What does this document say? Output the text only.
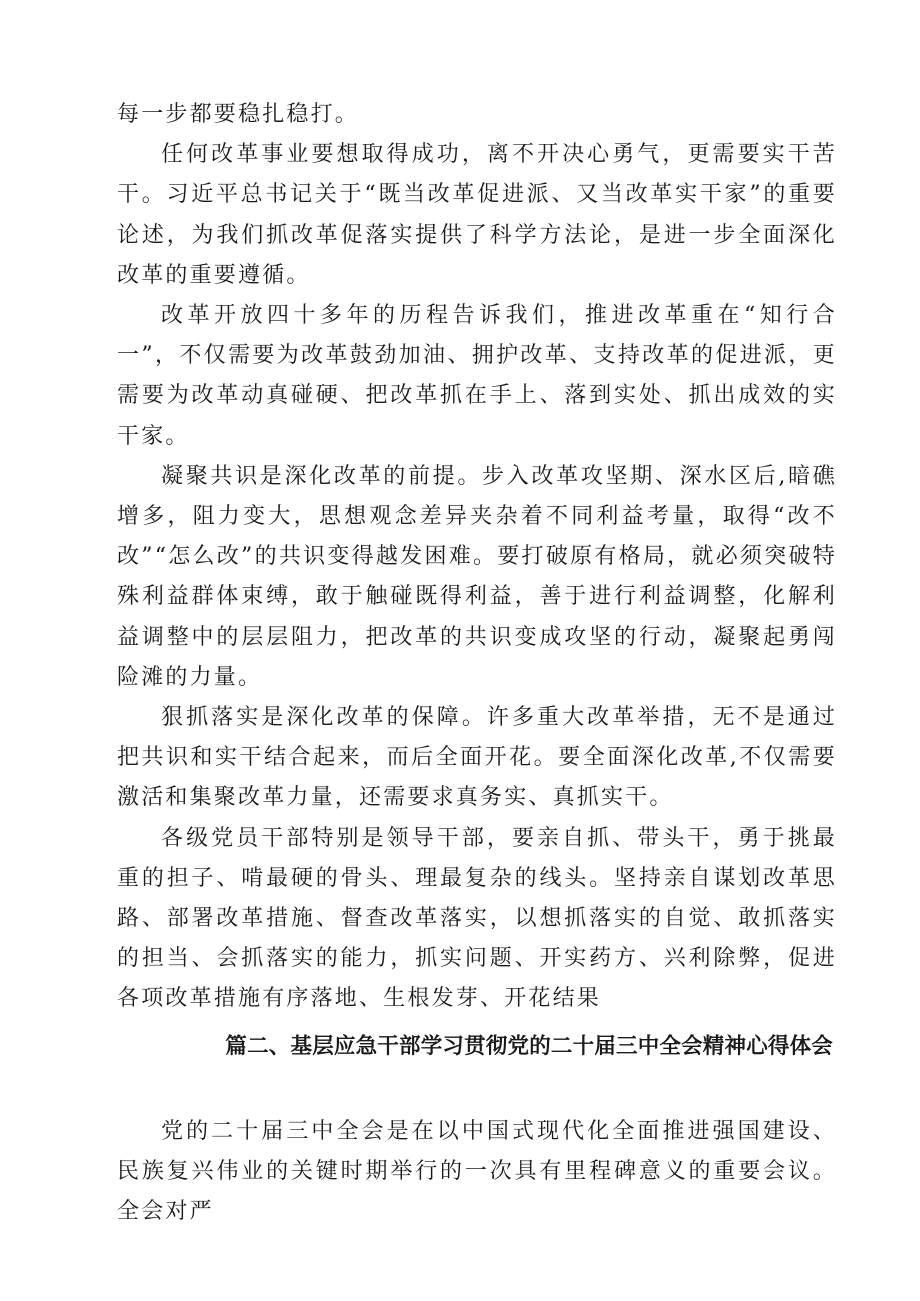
每一步都要稳扎稳打。

任何改革事业要想取得成功，离不开决心勇气，更需要实干苦干。习近平总书记关于“既当改革促进派、又当改革实干家”的重要论述，为我们抓改革促落实提供了科学方法论，是进一步全面深化改革的重要遵循。

改革开放四十多年的历程告诉我们，推进改革重在“知行合一”，不仅需要为改革鼓劲加油、拥护改革、支持改革的促进派，更需要为改革动真碰硬、把改革抓在手上、落到实处、抓出成效的实干家。

凝聚共识是深化改革的前提。步入改革攻坚期、深水区后,暗礁增多，阻力变大，思想观念差异夹杂着不同利益考量，取得“改不改”“怎么改”的共识变得越发困难。要打破原有格局，就必须突破特殊利益群体束缚，敢于触碰既得利益，善于进行利益调整，化解利益调整中的层层阻力，把改革的共识变成攻坚的行动，凝聚起勇闯险滩的力量。

狠抓落实是深化改革的保障。许多重大改革举措，无不是通过把共识和实干结合起来，而后全面开花。要全面深化改革,不仅需要激活和集聚改革力量，还需要求真务实、真抓实干。

各级党员干部特别是领导干部，要亲自抓、带头干，勇于挑最重的担子、啃最硬的骨头、理最复杂的线头。坚持亲自谋划改革思路、部署改革措施、督查改革落实，以想抓落实的自觉、敢抓落实的担当、会抓落实的能力，抓实问题、开实药方、兴利除弊，促进各项改革措施有序落地、生根发芽、开花结果

篇二、基层应急干部学习贯彻党的二十届三中全会精神心得体会

党的二十届三中全会是在以中国式现代化全面推进强国建设、民族复兴伟业的关键时期举行的一次具有里程碑意义的重要会议。全会对严
